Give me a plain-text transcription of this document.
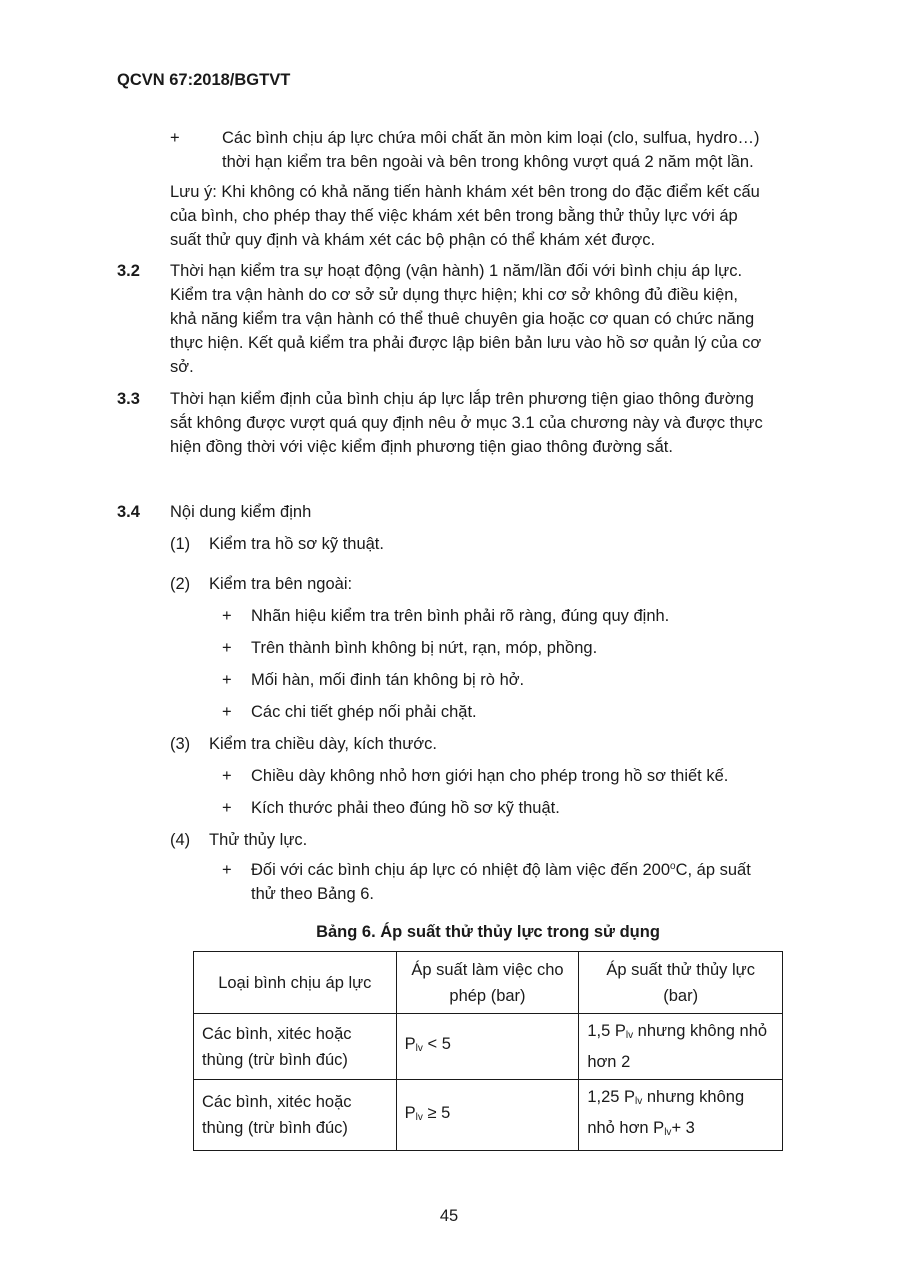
QCVN 67:2018/BGTVT
+	Các bình chịu áp lực chứa môi chất ăn mòn kim loại (clo, sulfua, hydro…)
thời hạn kiểm tra bên ngoài và bên trong không vượt quá 2 năm một lần.
Lưu ý: Khi không có khả năng tiến hành khám xét bên trong do đặc điểm kết cấu
của bình, cho phép thay thế việc khám xét bên trong bằng thử thủy lực với áp
suất thử quy định và khám xét các bộ phận có thể khám xét được.
3.2 Thời hạn kiểm tra sự hoạt động (vận hành) 1 năm/lần đối với bình chịu áp lực.
Kiểm tra vận hành do cơ sở sử dụng thực hiện; khi cơ sở không đủ điều kiện,
khả năng kiểm tra vận hành có thể thuê chuyên gia hoặc cơ quan có chức năng
thực hiện. Kết quả kiểm tra phải được lập biên bản lưu vào hồ sơ quản lý của cơ
sở.
3.3 Thời hạn kiểm định của bình chịu áp lực lắp trên phương tiện giao thông đường
sắt không được vượt quá quy định nêu ở mục 3.1 của chương này và được thực
hiện đồng thời với việc kiểm định phương tiện giao thông đường sắt.
3.4 Nội dung kiểm định
(1) Kiểm tra hồ sơ kỹ thuật.
(2) Kiểm tra bên ngoài:
+ Nhãn hiệu kiểm tra trên bình phải rõ ràng, đúng quy định.
+ Trên thành bình không bị nứt, rạn, móp, phồng.
+ Mối hàn, mối đinh tán không bị rò hở.
+ Các chi tiết ghép nối phải chặt.
(3) Kiểm tra chiều dày, kích thước.
+ Chiều dày không nhỏ hơn giới hạn cho phép trong hồ sơ thiết kế.
+ Kích thước phải theo đúng hồ sơ kỹ thuật.
(4) Thử thủy lực.
+ Đối với các bình chịu áp lực có nhiệt độ làm việc đến 200$^o$C, áp suất
thử theo Bảng 6.
Bảng 6. Áp suất thử thủy lực trong sử dụng
Loại bình chịu áp lực	Áp suất làm việc cho phép (bar)	Áp suất thử thủy lực (bar)
Các bình, xitéc hoặc thùng (trừ bình đúc)	$P_{lv} < 5$	1,5 $P_{lv}$ nhưng không nhỏ hơn 2
Các bình, xitéc hoặc thùng (trừ bình đúc)	$P_{lv} \ge 5$	1,25 $P_{lv}$ nhưng không nhỏ hơn $P_{lv}+ 3$
45
